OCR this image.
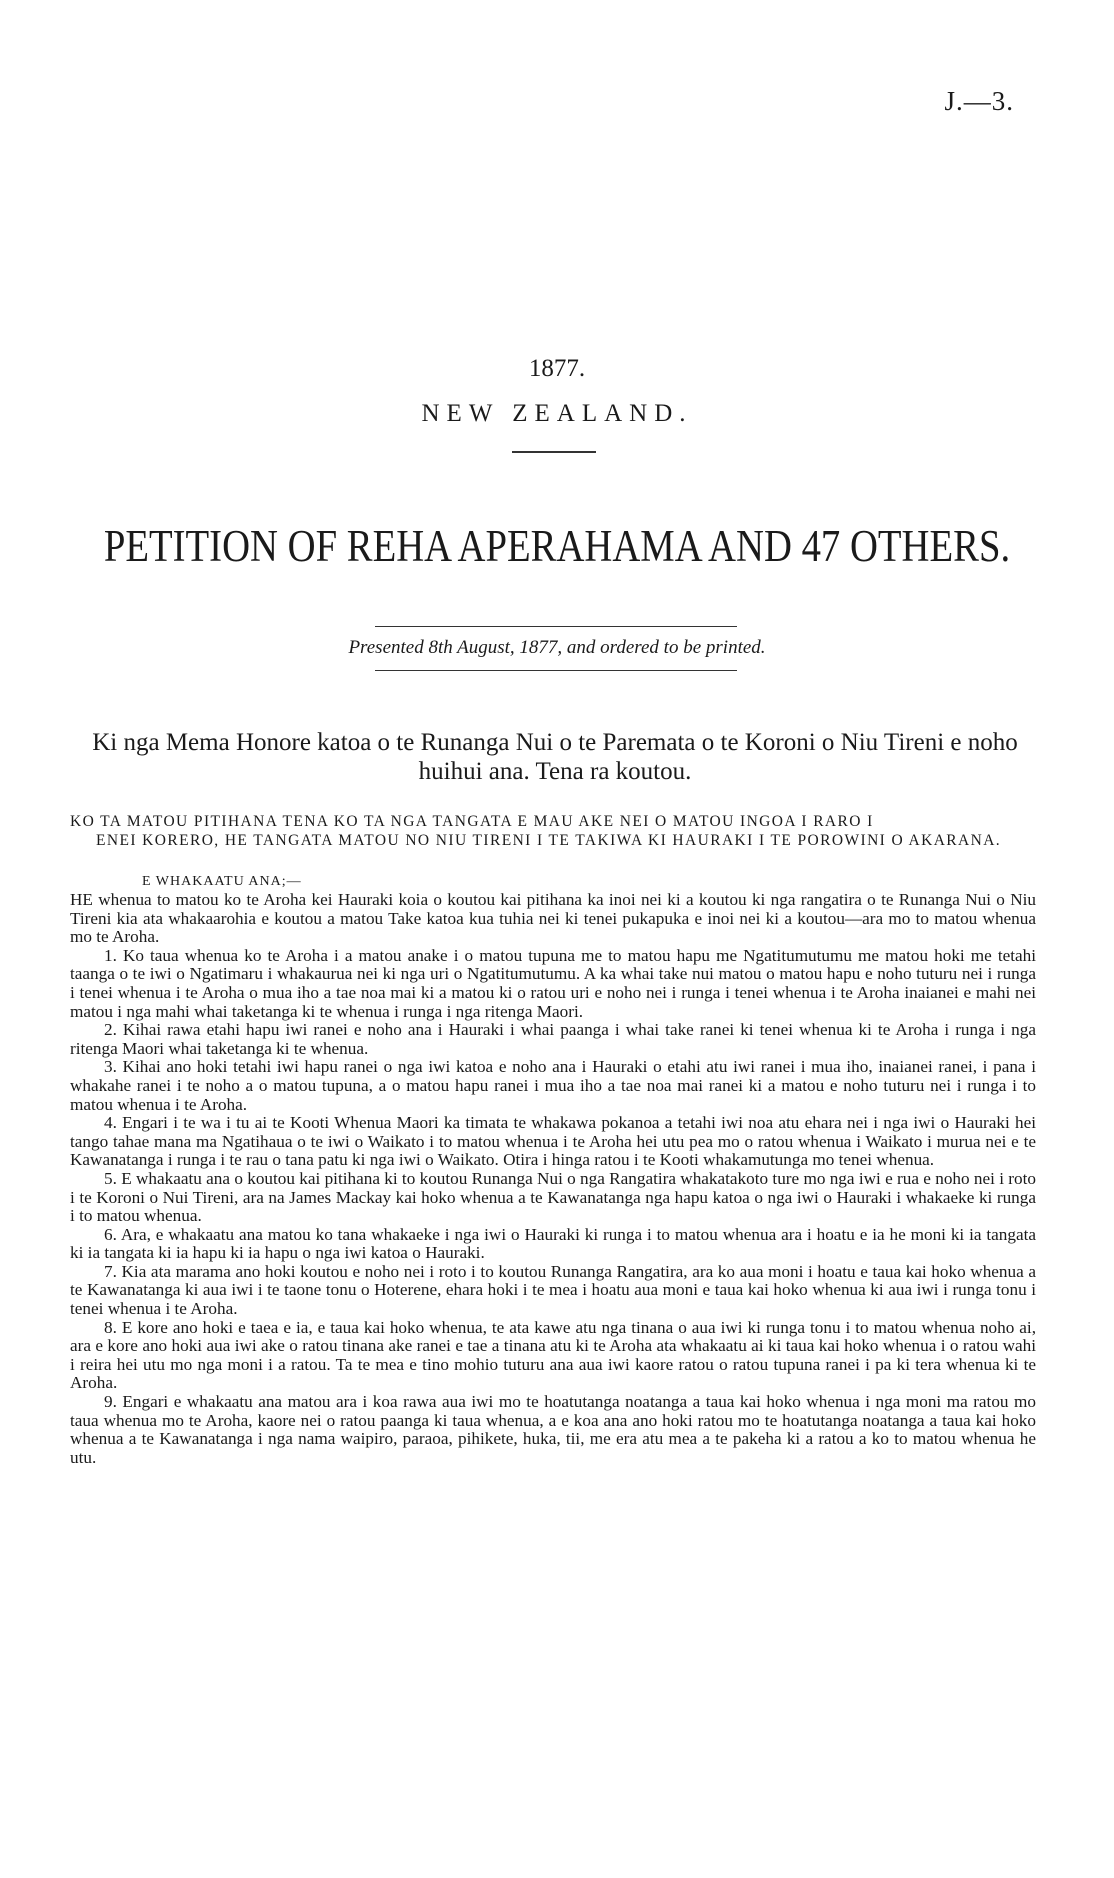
J.—3.
1877.
NEW ZEALAND.
PETITION OF REHA APERAHAMA AND 47 OTHERS.
Presented 8th August, 1877, and ordered to be printed.
Ki nga Mema Honore katoa o te Runanga Nui o te Paremata o te Koroni o Niu Tireni e noho huihui ana. Tena ra koutou.
KO TA MATOU PITIHANA TENA KO TA NGA TANGATA E MAU AKE NEI O MATOU INGOA I RARO I
ENEI KORERO, HE TANGATA MATOU NO NIU TIRENI I TE TAKIWA KI HAURAKI I TE POROWINI O AKARANA.
E WHAKAATU ANA;—

HE whenua to matou ko te Aroha kei Hauraki koia o koutou kai pitihana ka inoi nei ki a koutou ki nga rangatira o te Runanga Nui o Niu Tireni kia ata whakaarohia e koutou a matou Take katoa kua tuhia nei ki tenei pukapuka e inoi nei ki a koutou—ara mo to matou whenua mo te Aroha.

1. Ko taua whenua ko te Aroha i a matou anake i o matou tupuna me to matou hapu me Ngatitumutumu me matou hoki me tetahi taanga o te iwi o Ngatimaru i whakaurua nei ki nga uri o Ngatitumutumu. A ka whai take nui matou o matou hapu e noho tuturu nei i runga i tenei whenua i te Aroha o mua iho a tae noa mai ki a matou ki o ratou uri e noho nei i runga i tenei whenua i te Aroha inaianei e mahi nei matou i nga mahi whai taketanga ki te whenua i runga i nga ritenga Maori.

2. Kihai rawa etahi hapu iwi ranei e noho ana i Hauraki i whai paanga i whai take ranei ki tenei whenua ki te Aroha i runga i nga ritenga Maori whai taketanga ki te whenua.

3. Kihai ano hoki tetahi iwi hapu ranei o nga iwi katoa e noho ana i Hauraki o etahi atu iwi ranei i mua iho, inaianei ranei, i pana i whakahe ranei i te noho a o matou tupuna, a o matou hapu ranei i mua iho a tae noa mai ranei ki a matou e noho tuturu nei i runga i to matou whenua i te Aroha.

4. Engari i te wa i tu ai te Kooti Whenua Maori ka timata te whakawa pokanoa a tetahi iwi noa atu ehara nei i nga iwi o Hauraki hei tango tahae mana ma Ngatihaua o te iwi o Waikato i to matou whenua i te Aroha hei utu pea mo o ratou whenua i Waikato i murua nei e te Kawanatanga i runga i te rau o tana patu ki nga iwi o Waikato. Otira i hinga ratou i te Kooti whakamutunga mo tenei whenua.

5. E whakaatu ana o koutou kai pitihana ki to koutou Runanga Nui o nga Rangatira whakatakoto ture mo nga iwi e rua e noho nei i roto i te Koroni o Nui Tireni, ara na James Mackay kai hoko whenua a te Kawanatanga nga hapu katoa o nga iwi o Hauraki i whakaeke ki runga i to matou whenua.

6. Ara, e whakaatu ana matou ko tana whakaeke i nga iwi o Hauraki ki runga i to matou whenua ara i hoatu e ia he moni ki ia tangata ki ia tangata ki ia hapu ki ia hapu o nga iwi katoa o Hauraki.

7. Kia ata marama ano hoki koutou e noho nei i roto i to koutou Runanga Rangatira, ara ko aua moni i hoatu e taua kai hoko whenua a te Kawanatanga ki aua iwi i te taone tonu o Hoterene, ehara hoki i te mea i hoatu aua moni e taua kai hoko whenua ki aua iwi i runga tonu i tenei whenua i te Aroha.

8. E kore ano hoki e taea e ia, e taua kai hoko whenua, te ata kawe atu nga tinana o aua iwi ki runga tonu i to matou whenua noho ai, ara e kore ano hoki aua iwi ake o ratou tinana ake ranei e tae a tinana atu ki te Aroha ata whakaatu ai ki taua kai hoko whenua i o ratou wahi i reira hei utu mo nga moni i a ratou. Ta te mea e tino mohio tuturu ana aua iwi kaore ratou o ratou tupuna ranei i pa ki tera whenua ki te Aroha.

9. Engari e whakaatu ana matou ara i koa rawa aua iwi mo te hoatutanga noatanga a taua kai hoko whenua i nga moni ma ratou mo taua whenua mo te Aroha, kaore nei o ratou paanga ki taua whenua, a e koa ana ano hoki ratou mo te hoatutanga noatanga a taua kai hoko whenua a te Kawanatanga i nga nama waipiro, paraoa, pihikete, huka, tii, me era atu mea a te pakeha ki a ratou a ko to matou whenua he utu.
